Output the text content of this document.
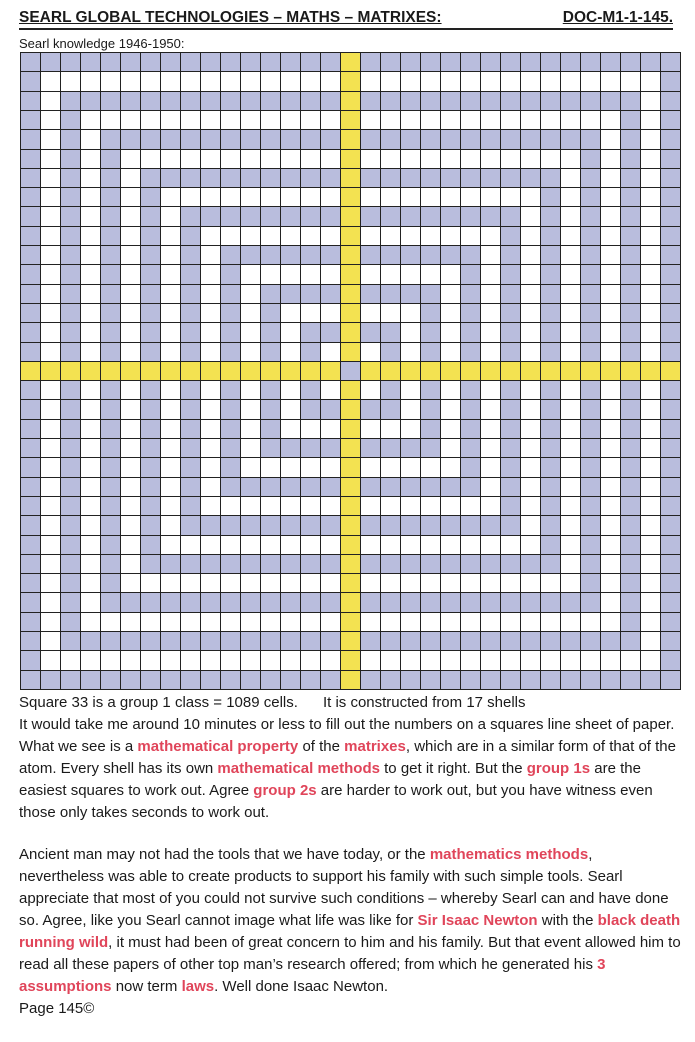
SEARL GLOBAL TECHNOLOGIES – MATHS – MATRIXES:	DOC-M1-1-145.
Searl knowledge 1946-1950:

Square 33 is a group 1 class = 1089 cells. It is constructed from 17 shells

It would take me around 10 minutes or less to fill out the numbers on a squares line sheet of paper. What we see is a mathematical property of the matrixes, which are in a similar form of that of the atom. Every shell has its own mathematical methods to get it right. But the group 1s are the easiest squares to work out. Agree group 2s are harder to work out, but you have witness even those only takes seconds to work out.

Ancient man may not had the tools that we have today, or the mathematics methods, nevertheless was able to create products to support his family with such simple tools. Searl appreciate that most of you could not survive such conditions – whereby Searl can and have done so. Agree, like you Searl cannot image what life was like for Sir Isaac Newton with the black death running wild, it must had been of great concern to him and his family. But that event allowed him to read all these papers of other top man’s research offered; from which he generated his 3 assumptions now term laws. Well done Isaac Newton.

Page 145©
